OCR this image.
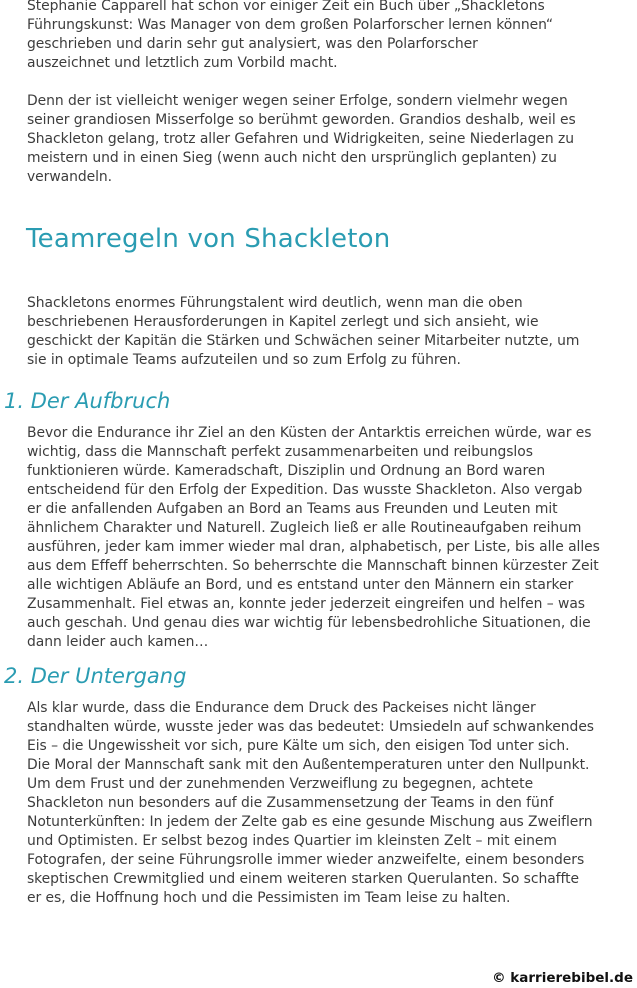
Stephanie Capparell hat schon vor einiger Zeit ein Buch über „Shackletons
Führungskunst: Was Manager von dem großen Polarforscher lernen können“
geschrieben und darin sehr gut analysiert, was den Polarforscher
auszeichnet und letztlich zum Vorbild macht.

Denn der ist vielleicht weniger wegen seiner Erfolge, sondern vielmehr wegen
seiner grandiosen Misserfolge so berühmt geworden. Grandios deshalb, weil es
Shackleton gelang, trotz aller Gefahren und Widrigkeiten, seine Niederlagen zu
meistern und in einen Sieg (wenn auch nicht den ursprünglich geplanten) zu
verwandeln.

Teamregeln von Shackleton

Shackletons enormes Führungstalent wird deutlich, wenn man die oben
beschriebenen Herausforderungen in Kapitel zerlegt und sich ansieht, wie
geschickt der Kapitän die Stärken und Schwächen seiner Mitarbeiter nutzte, um
sie in optimale Teams aufzuteilen und so zum Erfolg zu führen.

1. Der Aufbruch

Bevor die Endurance ihr Ziel an den Küsten der Antarktis erreichen würde, war es
wichtig, dass die Mannschaft perfekt zusammenarbeiten und reibungslos
funktionieren würde. Kameradschaft, Disziplin und Ordnung an Bord waren
entscheidend für den Erfolg der Expedition. Das wusste Shackleton. Also vergab
er die anfallenden Aufgaben an Bord an Teams aus Freunden und Leuten mit
ähnlichem Charakter und Naturell. Zugleich ließ er alle Routineaufgaben reihum
ausführen, jeder kam immer wieder mal dran, alphabetisch, per Liste, bis alle alles
aus dem Effeff beherrschten. So beherrschte die Mannschaft binnen kürzester Zeit
alle wichtigen Abläufe an Bord, und es entstand unter den Männern ein starker
Zusammenhalt. Fiel etwas an, konnte jeder jederzeit eingreifen und helfen – was
auch geschah. Und genau dies war wichtig für lebensbedrohliche Situationen, die
dann leider auch kamen…

2. Der Untergang

Als klar wurde, dass die Endurance dem Druck des Packeises nicht länger
standhalten würde, wusste jeder was das bedeutet: Umsiedeln auf schwankendes
Eis – die Ungewissheit vor sich, pure Kälte um sich, den eisigen Tod unter sich.
Die Moral der Mannschaft sank mit den Außentemperaturen unter den Nullpunkt.
Um dem Frust und der zunehmenden Verzweiflung zu begegnen, achtete
Shackleton nun besonders auf die Zusammensetzung der Teams in den fünf
Notunterkünften: In jedem der Zelte gab es eine gesunde Mischung aus Zweiflern
und Optimisten. Er selbst bezog indes Quartier im kleinsten Zelt – mit einem
Fotografen, der seine Führungsrolle immer wieder anzweifelte, einem besonders
skeptischen Crewmitglied und einem weiteren starken Querulanten. So schaffte
er es, die Hoffnung hoch und die Pessimisten im Team leise zu halten.

© karrierebibel.de
